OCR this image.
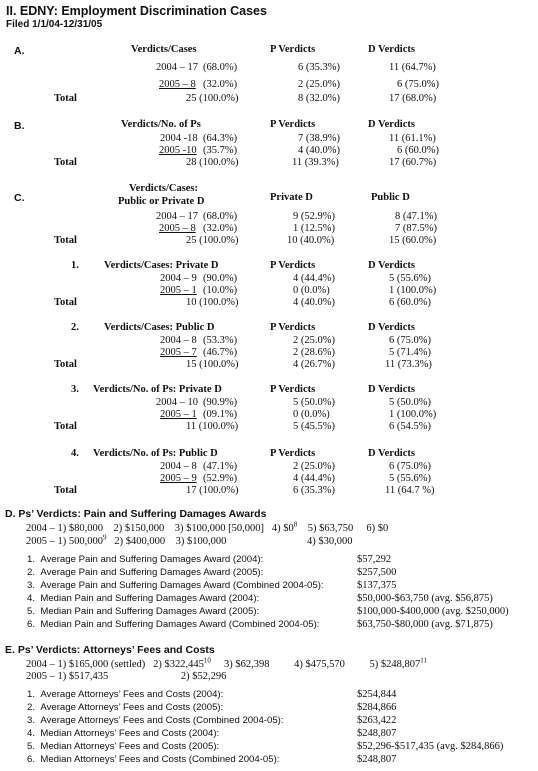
II. EDNY: Employment Discrimination Cases
Filed 1/1/04-12/31/05
A.	Verdicts/Cases	P Verdicts	D Verdicts
2004 – 17 (68.0%)	6 (35.3%)	11 (64.7%)
2005 – 8 (32.0%)	2 (25.0%)	6 (75.0%)
Total	25 (100.0%)	8 (32.0%)	17 (68.0%)
B.	Verdicts/No. of Ps	P Verdicts	D Verdicts
2004 -18 (64.3%)	7 (38.9%)	11 (61.1%)
2005 -10 (35.7%)	4 (40.0%)	6 (60.0%)
Total	28 (100.0%)	11 (39.3%)	17 (60.7%)
C.
Verdicts/Cases:
Public or Private D	Private D	Public D
2004 – 17 (68.0%)	9 (52.9%)	8 (47.1%)
2005 – 8 (32.0%)	1 (12.5%)	7 (87.5%)
Total	25 (100.0%)	10 (40.0%)	15 (60.0%)
1. Verdicts/Cases: Private D	P Verdicts	D Verdicts
2004 – 9 (90.0%)	4 (44.4%)	5 (55.6%)
2005 – 1 (10.0%)	0 (0.0%)	1 (100.0%)
Total	10 (100.0%)	4 (40.0%)	6 (60.0%)
2. Verdicts/Cases: Public D	P Verdicts	D Verdicts
2004 – 8 (53.3%)	2 (25.0%)	6 (75.0%)
2005 – 7 (46.7%)	2 (28.6%)	5 (71.4%)
Total	15 (100.0%)	4 (26.7%)	11 (73.3%)
3. Verdicts/No. of Ps: Private D	P Verdicts	D Verdicts
2004 – 10 (90.9%)	5 (50.0%)	5 (50.0%)
2005 – 1 (09.1%)	0 (0.0%)	1 (100.0%)
Total	11 (100.0%)	5 (45.5%)	6 (54.5%)
4. Verdicts/No. of Ps: Public D	P Verdicts	D Verdicts
2004 – 8 (47.1%)	2 (25.0%)	6 (75.0%)
2005 – 9 (52.9%)	4 (44.4%)	5 (55.6%)
Total	17 (100.0%)	6 (35.3%)	11 (64.7 %)
D. Ps’ Verdicts: Pain and Suffering Damages Awards
2004 – 1) $80,000 2) $150,000 3) $100,000 [50,000] 4) $\$0^8$ 5) $63,750 6) $0
2005 – 1) 500,000$^9$ 2) $400,000 3) $100,000	4) $30,000
1. Average Pain and Suffering Damages Award (2004):	$57,292
2. Average Pain and Suffering Damages Award (2005):	$257,500
3. Average Pain and Suffering Damages Award (Combined 2004-05):	$137,375
4. Median Pain and Suffering Damages Award (2004):	$50,000-$63,750 (avg. $56,875)
5. Median Pain and Suffering Damages Award (2005):	$100,000-$400,000 (avg. $250,000)
6. Median Pain and Suffering Damages Award (Combined 2004-05):	$63,750-$80,000 (avg. $71,875)
E. Ps’ Verdicts: Attorneys’ Fees and Costs
2004 – 1) $165,000 (settled) 2) $322,445$^{10}$ 3) $62,398 4) $475,570 5) $248,807$^{11}$
2005 – 1) $517,435	2) $52,296
1. Average Attorneys’ Fees and Costs (2004):	$254,844
2. Average Attorneys’ Fees and Costs (2005):	$284,866
3. Average Attorneys’ Fees and Costs (Combined 2004-05):	$263,422
4. Median Attorneys’ Fees and Costs (2004):	$248,807
5. Median Attorneys’ Fees and Costs (2005):	$52,296-$517,435 (avg. $284,866)
6. Median Attorneys’ Fees and Costs (Combined 2004-05):	$248,807
